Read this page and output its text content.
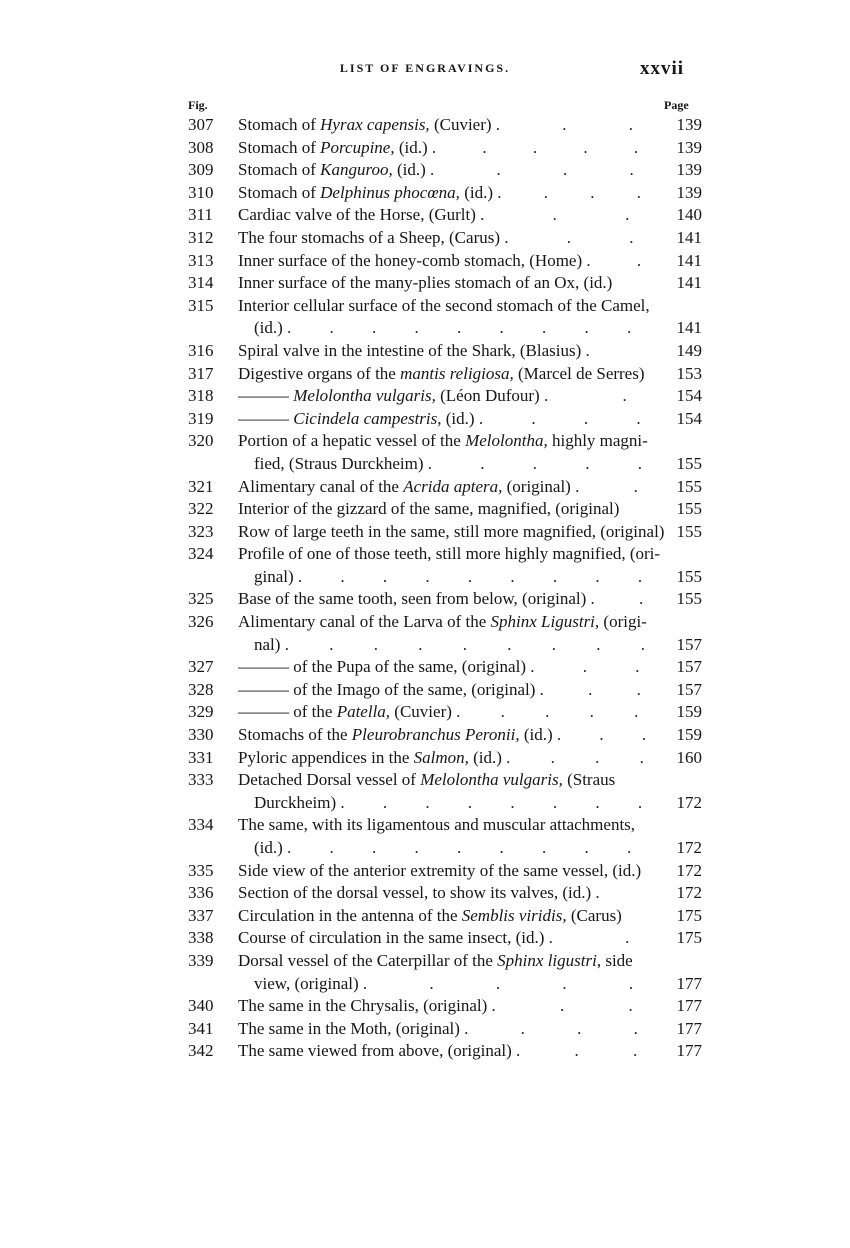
LIST OF ENGRAVINGS.	xxvii
Fig.	Page
307	Stomach of Hyrax capensis, (Cuvier) . . . 139
308	Stomach of Porcupine, (id.) . . . . .	139
309	Stomach of Kanguroo, (id.) . . . . 139
310	Stomach of Delphinus phocœna, (id.) . . . . 139
311	Cardiac valve of the Horse, (Gurlt) . . . 140
312	The four stomachs of a Sheep, (Carus) . . . 141
313	Inner surface of the honey-comb stomach, (Home) . . 141
314	Inner surface of the many-plies stomach of an Ox, (id.)	141
315	Interior cellular surface of the second stomach of the Camel,
(id.) . . . . . . . . .	141
316	Spiral valve in the intestine of the Shark, (Blasius) .	149
317	Digestive organs of the mantis religiosa, (Marcel de Serres)	153
318	——— Melolontha vulgaris, (Léon Dufour) . . 154
319	——— Cicindela campestris, (id.) . . . . 154
320	Portion of a hepatic vessel of the Melolontha, highly magni-
fied, (Straus Durckheim) . . . . . 155
321	Alimentary canal of the Acrida aptera, (original) . . 155
322	Interior of the gizzard of the same, magnified, (original)	155
323	Row of large teeth in the same, still more magnified, (original) 155
324	Profile of one of those teeth, still more highly magnified, (ori-
ginal) . . . . . . . . .	155
325	Base of the same tooth, seen from below, (original) . . 155
326	Alimentary canal of the Larva of the Sphinx Ligustri, (origi-
nal) . . . . . . . . . 157
327	——— of the Pupa of the same, (original) . . . 157
328	——— of the Imago of the same, (original) . . . 157
329	——— of the Patella, (Cuvier) . . . . .	159
330	Stomachs of the Pleurobranchus Peronii, (id.) . . . 159
331	Pyloric appendices in the Salmon, (id.) . . . . 160
333	Detached Dorsal vessel of Melolontha vulgaris, (Straus
Durckheim) . . . . . . . .	172
334	The same, with its ligamentous and muscular attachments,
(id.) . . . . . . . . .	172
335	Side view of the anterior extremity of the same vessel, (id.)	172
336	Section of the dorsal vessel, to show its valves, (id.) .	172
337	Circulation in the antenna of the Semblis viridis, (Carus)	175
338	Course of circulation in the same insect, (id.) . . 175
339	Dorsal vessel of the Caterpillar of the Sphinx ligustri, side
view, (original) . . . . . 177
340	The same in the Chrysalis, (original) . . . 177
341	The same in the Moth, (original) . . . . 177
342	The same viewed from above, (original) . . . 177
